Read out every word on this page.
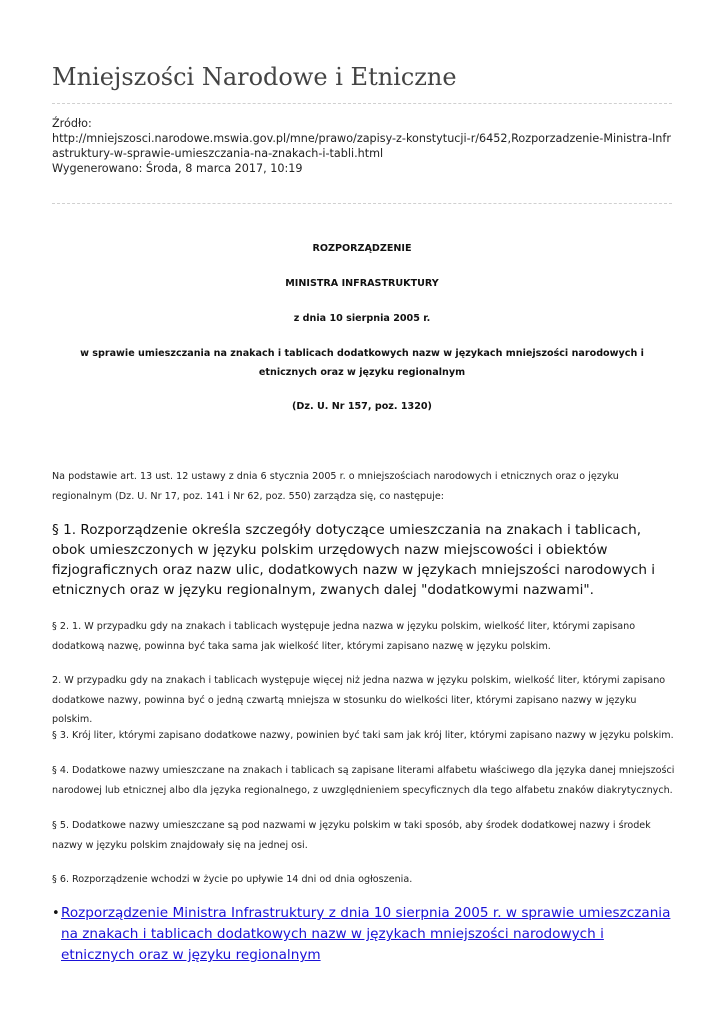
Mniejszości Narodowe i Etniczne
Źródło:
http://mniejszosci.narodowe.mswia.gov.pl/mne/prawo/zapisy-z-konstytucji-r/6452,Rozporzadzenie-Ministra-Infrastruktury-w-sprawie-umieszczania-na-znakach-i-tabli.html
Wygenerowano: Środa, 8 marca 2017, 10:19
ROZPORZĄDZENIE
MINISTRA INFRASTRUKTURY
z dnia 10 sierpnia 2005 r.
w sprawie umieszczania na znakach i tablicach dodatkowych nazw w językach mniejszości narodowych i etnicznych oraz w języku regionalnym
(Dz. U. Nr 157, poz. 1320)

Na podstawie art. 13 ust. 12 ustawy z dnia 6 stycznia 2005 r. o mniejszościach narodowych i etnicznych oraz o języku regionalnym (Dz. U. Nr 17, poz. 141 i Nr 62, poz. 550) zarządza się, co następuje:

§ 1. Rozporządzenie określa szczegóły dotyczące umieszczania na znakach i tablicach, obok umieszczonych w języku polskim urzędowych nazw miejscowości i obiektów fizjograficznych oraz nazw ulic, dodatkowych nazw w językach mniejszości narodowych i etnicznych oraz w języku regionalnym, zwanych dalej "dodatkowymi nazwami".

§ 2. 1. W przypadku gdy na znakach i tablicach występuje jedna nazwa w języku polskim, wielkość liter, którymi zapisano dodatkową nazwę, powinna być taka sama jak wielkość liter, którymi zapisano nazwę w języku polskim.

2. W przypadku gdy na znakach i tablicach występuje więcej niż jedna nazwa w języku polskim, wielkość liter, którymi zapisano dodatkowe nazwy, powinna być o jedną czwartą mniejsza w stosunku do wielkości liter, którymi zapisano nazwy w języku polskim.

§ 3. Krój liter, którymi zapisano dodatkowe nazwy, powinien być taki sam jak krój liter, którymi zapisano nazwy w języku polskim.

§ 4. Dodatkowe nazwy umieszczane na znakach i tablicach są zapisane literami alfabetu właściwego dla języka danej mniejszości narodowej lub etnicznej albo dla języka regionalnego, z uwzględnieniem specyficznych dla tego alfabetu znaków diakrytycznych.

§ 5. Dodatkowe nazwy umieszczane są pod nazwami w języku polskim w taki sposób, aby środek dodatkowej nazwy i środek nazwy w języku polskim znajdowały się na jednej osi.

§ 6. Rozporządzenie wchodzi w życie po upływie 14 dni od dnia ogłoszenia.

• Rozporządzenie Ministra Infrastruktury z dnia 10 sierpnia 2005 r. w sprawie umieszczania na znakach i tablicach dodatkowych nazw w językach mniejszości narodowych i etnicznych oraz w języku regionalnym
